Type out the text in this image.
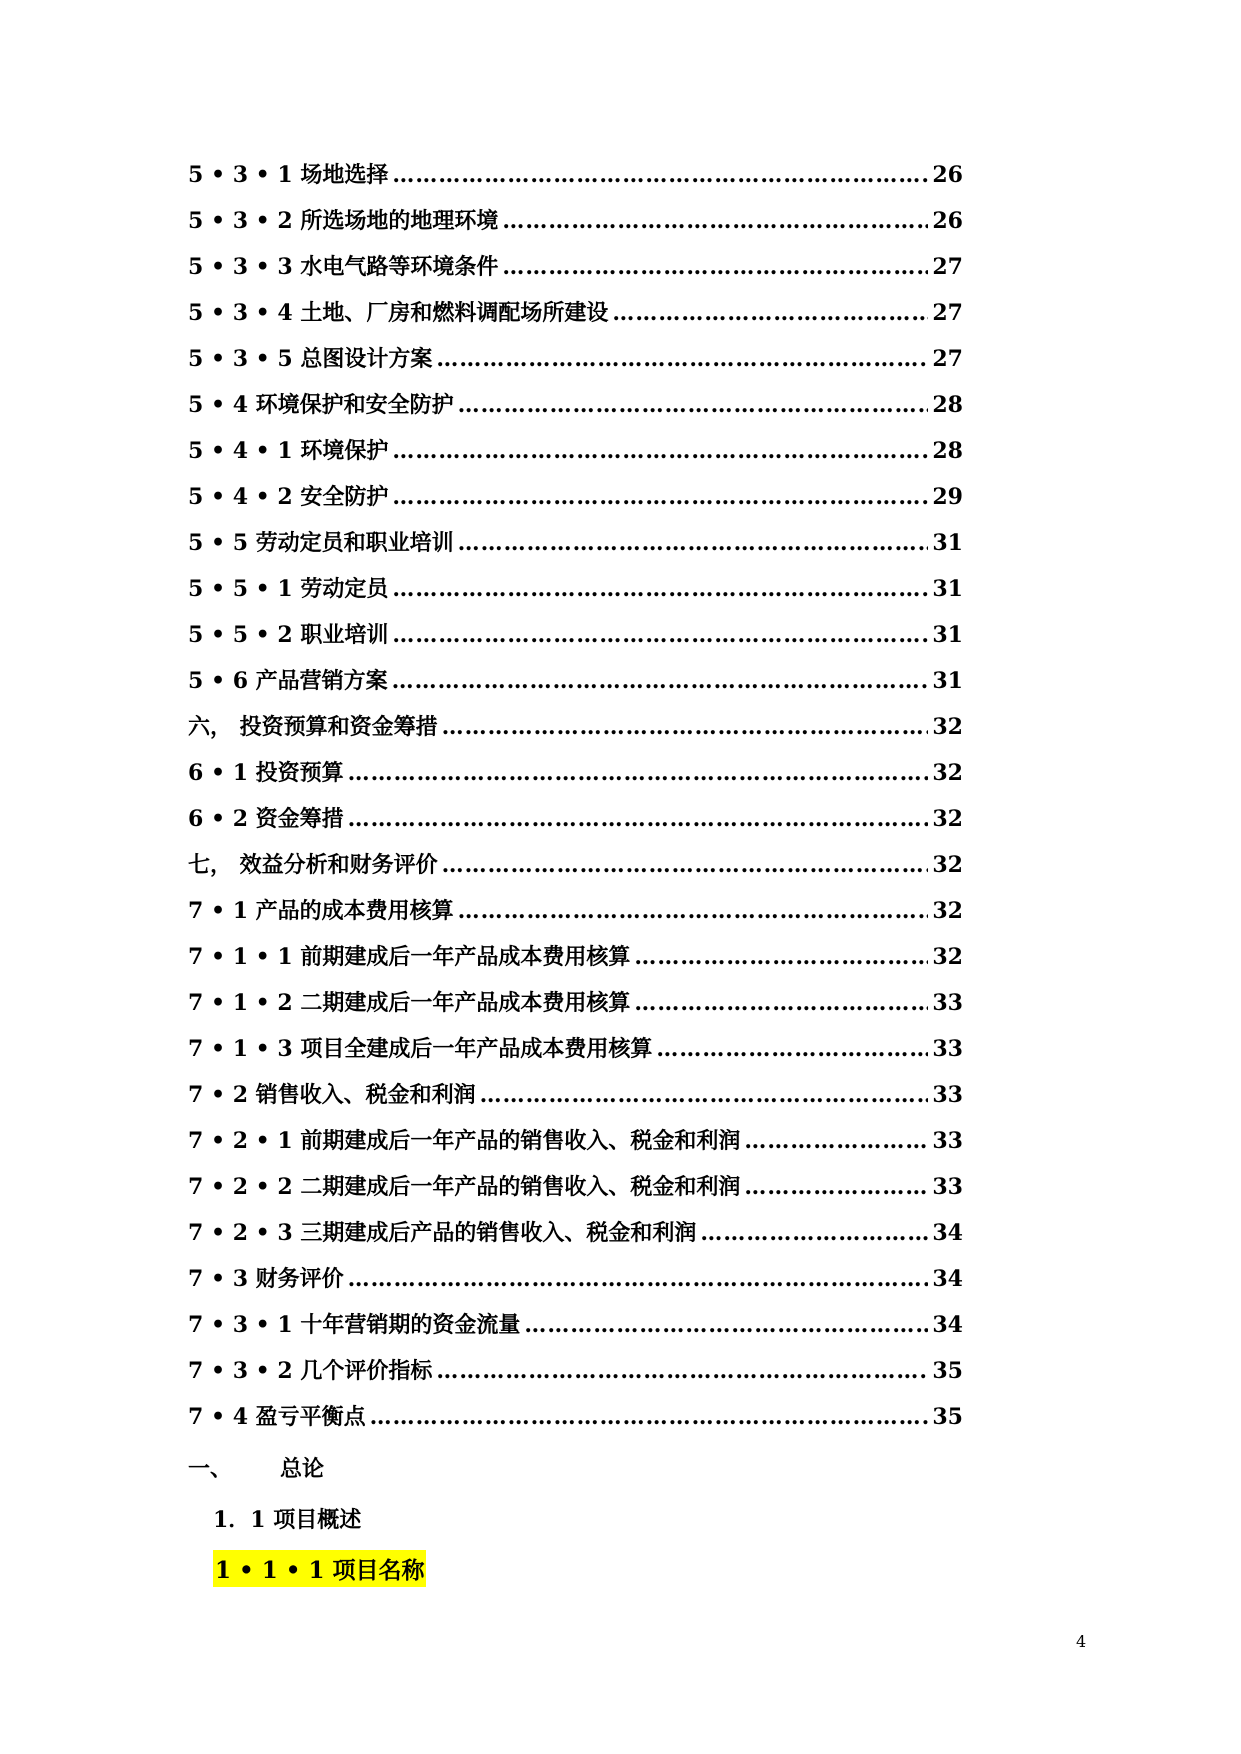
5 • 3 • 1 场地选择 …………………………………………………………………………………………………………………………………………………………………………	26
5 • 3 • 2 所选场地的地理环境 …………………………………………………………………………………………………………………………………………………………………………	26
5 • 3 • 3 水电气路等环境条件 …………………………………………………………………………………………………………………………………………………………………………	27
5 • 3 • 4 土地、厂房和燃料调配场所建设 …………………………………………………………………………………………………………………………………………………………………………	27
5 • 3 • 5 总图设计方案 …………………………………………………………………………………………………………………………………………………………………………	27
5 • 4 环境保护和安全防护 …………………………………………………………………………………………………………………………………………………………………………	28
5 • 4 • 1 环境保护 …………………………………………………………………………………………………………………………………………………………………………	28
5 • 4 • 2 安全防护 …………………………………………………………………………………………………………………………………………………………………………	29
5 • 5 劳动定员和职业培训 …………………………………………………………………………………………………………………………………………………………………………	31
5 • 5 • 1 劳动定员 …………………………………………………………………………………………………………………………………………………………………………	31
5 • 5 • 2 职业培训 …………………………………………………………………………………………………………………………………………………………………………	31
5 • 6 产品营销方案 …………………………………………………………………………………………………………………………………………………………………………	31
六， 投资预算和资金筹措 …………………………………………………………………………………………………………………………………………………………………………	32
6 • 1 投资预算 …………………………………………………………………………………………………………………………………………………………………………	32
6 • 2 资金筹措 …………………………………………………………………………………………………………………………………………………………………………	32
七， 效益分析和财务评价 …………………………………………………………………………………………………………………………………………………………………………	32
7 • 1 产品的成本费用核算 …………………………………………………………………………………………………………………………………………………………………………	32
7 • 1 • 1 前期建成后一年产品成本费用核算 …………………………………………………………………………………………………………………………………………………………………………	32
7 • 1 • 2 二期建成后一年产品成本费用核算 …………………………………………………………………………………………………………………………………………………………………………	33
7 • 1 • 3 项目全建成后一年产品成本费用核算 …………………………………………………………………………………………………………………………………………………………………………	33
7 • 2 销售收入、税金和利润 …………………………………………………………………………………………………………………………………………………………………………	33
7 • 2 • 1 前期建成后一年产品的销售收入、税金和利润 …………………………………………………………………………………………………………………………………………………………………………	33
7 • 2 • 2 二期建成后一年产品的销售收入、税金和利润 …………………………………………………………………………………………………………………………………………………………………………	33
7 • 2 • 3 三期建成后产品的销售收入、税金和利润 …………………………………………………………………………………………………………………………………………………………………………	34
7 • 3 财务评价 …………………………………………………………………………………………………………………………………………………………………………	34
7 • 3 • 1 十年营销期的资金流量 …………………………………………………………………………………………………………………………………………………………………………	34
7 • 3 • 2 几个评价指标 …………………………………………………………………………………………………………………………………………………………………………	35
7 • 4 盈亏平衡点 …………………………………………………………………………………………………………………………………………………………………………	35
一、 总论
1．1 项目概述
1 • 1 • 1 项目名称
4
